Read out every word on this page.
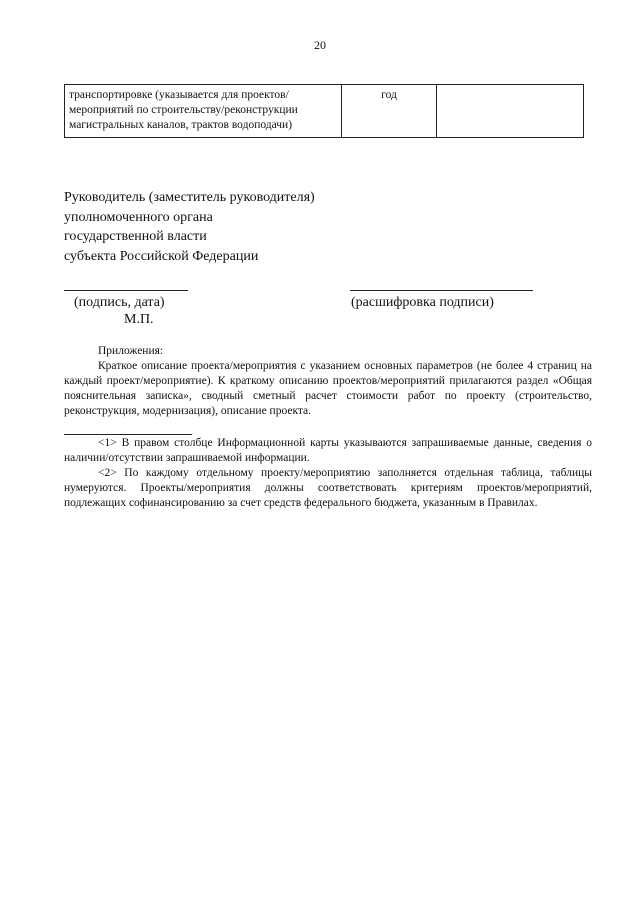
20
транспортировке (указывается для проектов/мероприятий по строительству/реконструкции магистральных каналов, трактов водоподачи)	год	
Руководитель (заместитель руководителя)
уполномоченного органа
государственной власти
субъекта Российской Федерации
(подпись, дата)
М.П.
(расшифровка подписи)
Приложения:
Краткое описание проекта/мероприятия с указанием основных параметров (не более 4 страниц на каждый проект/мероприятие). К краткому описанию проектов/мероприятий прилагаются раздел «Общая пояснительная записка», сводный сметный расчет стоимости работ по проекту (строительство, реконструкция, модернизация), описание проекта.

<1> В правом столбце Информационной карты указываются запрашиваемые данные, сведения о наличии/отсутствии запрашиваемой информации.

<2> По каждому отдельному проекту/мероприятию заполняется отдельная таблица, таблицы нумеруются. Проекты/мероприятия должны соответствовать критериям проектов/мероприятий, подлежащих софинансированию за счет средств федерального бюджета, указанным в Правилах.
